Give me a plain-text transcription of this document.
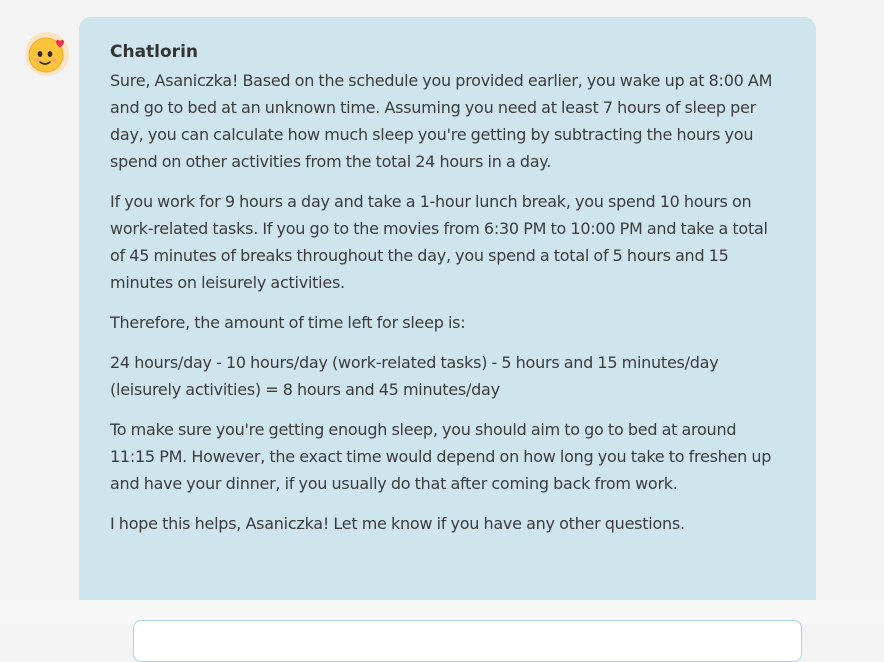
Chatlorin

Sure, Asaniczka! Based on the schedule you provided earlier, you wake up at 8:00 AM and go to bed at an unknown time. Assuming you need at least 7 hours of sleep per day, you can calculate how much sleep you're getting by subtracting the hours you spend on other activities from the total 24 hours in a day.

If you work for 9 hours a day and take a 1-hour lunch break, you spend 10 hours on work-related tasks. If you go to the movies from 6:30 PM to 10:00 PM and take a total of 45 minutes of breaks throughout the day, you spend a total of 5 hours and 15 minutes on leisurely activities.

Therefore, the amount of time left for sleep is:

24 hours/day - 10 hours/day (work-related tasks) - 5 hours and 15 minutes/day (leisurely activities) = 8 hours and 45 minutes/day

To make sure you're getting enough sleep, you should aim to go to bed at around 11:15 PM. However, the exact time would depend on how long you take to freshen up and have your dinner, if you usually do that after coming back from work.

I hope this helps, Asaniczka! Let me know if you have any other questions.
